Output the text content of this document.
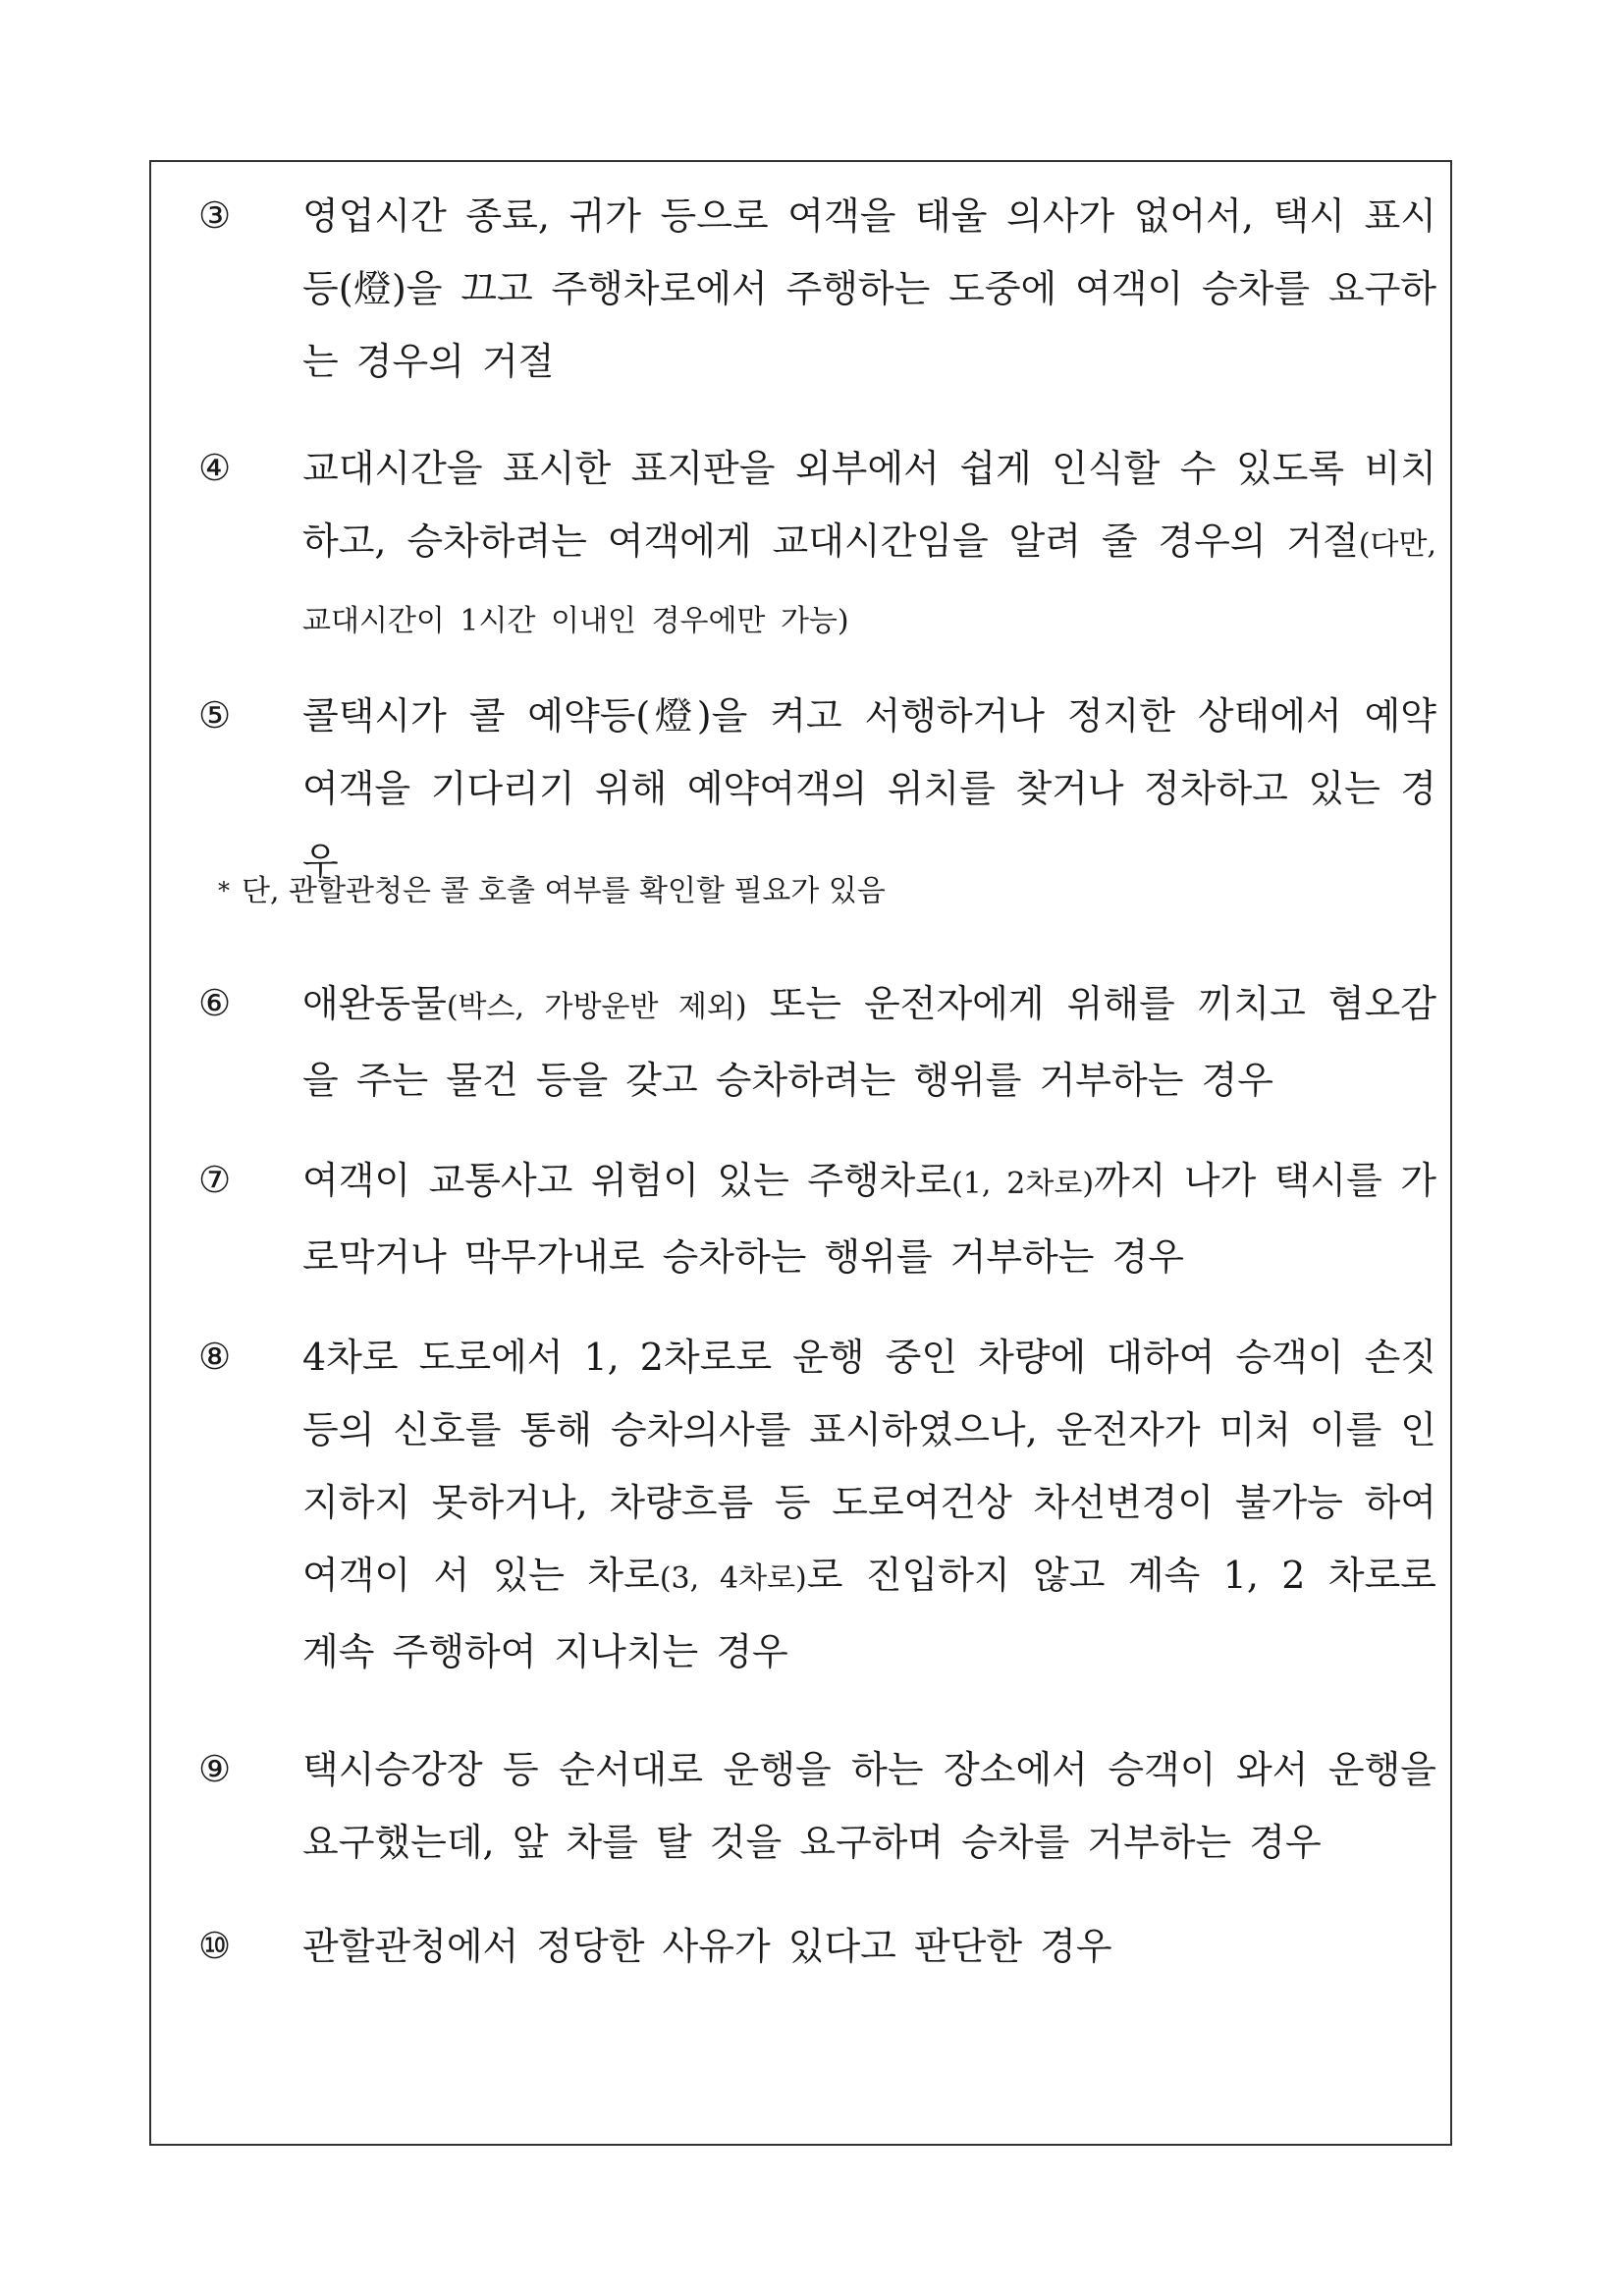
③	영업시간 종료, 귀가 등으로 여객을 태울 의사가 없어서, 택시 표시등(燈)을 끄고 주행차로에서 주행하는 도중에 여객이 승차를 요구하는 경우의 거절
④	교대시간을 표시한 표지판을 외부에서 쉽게 인식할 수 있도록 비치하고, 승차하려는 여객에게 교대시간임을 알려 줄 경우의 거절(다만, 교대시간이 1시간 이내인 경우에만 가능)
⑤	콜택시가 콜 예약등(燈)을 켜고 서행하거나 정지한 상태에서 예약 여객을 기다리기 위해 예약여객의 위치를 찾거나 정차하고 있는 경우
* 단, 관할관청은 콜 호출 여부를 확인할 필요가 있음
⑥	애완동물(박스, 가방운반 제외) 또는 운전자에게 위해를 끼치고 혐오감을 주는 물건 등을 갖고 승차하려는 행위를 거부하는 경우
⑦	여객이 교통사고 위험이 있는 주행차로(1, 2차로)까지 나가 택시를 가로막거나 막무가내로 승차하는 행위를 거부하는 경우
⑧	4차로 도로에서 1, 2차로로 운행 중인 차량에 대하여 승객이 손짓 등의 신호를 통해 승차의사를 표시하였으나, 운전자가 미처 이를 인지하지 못하거나, 차량흐름 등 도로여건상 차선변경이 불가능 하여 여객이 서 있는 차로(3, 4차로)로 진입하지 않고 계속 1, 2 차로로 계속 주행하여 지나치는 경우
⑨	택시승강장 등 순서대로 운행을 하는 장소에서 승객이 와서 운행을 요구했는데, 앞 차를 탈 것을 요구하며 승차를 거부하는 경우
⑩	관할관청에서 정당한 사유가 있다고 판단한 경우
